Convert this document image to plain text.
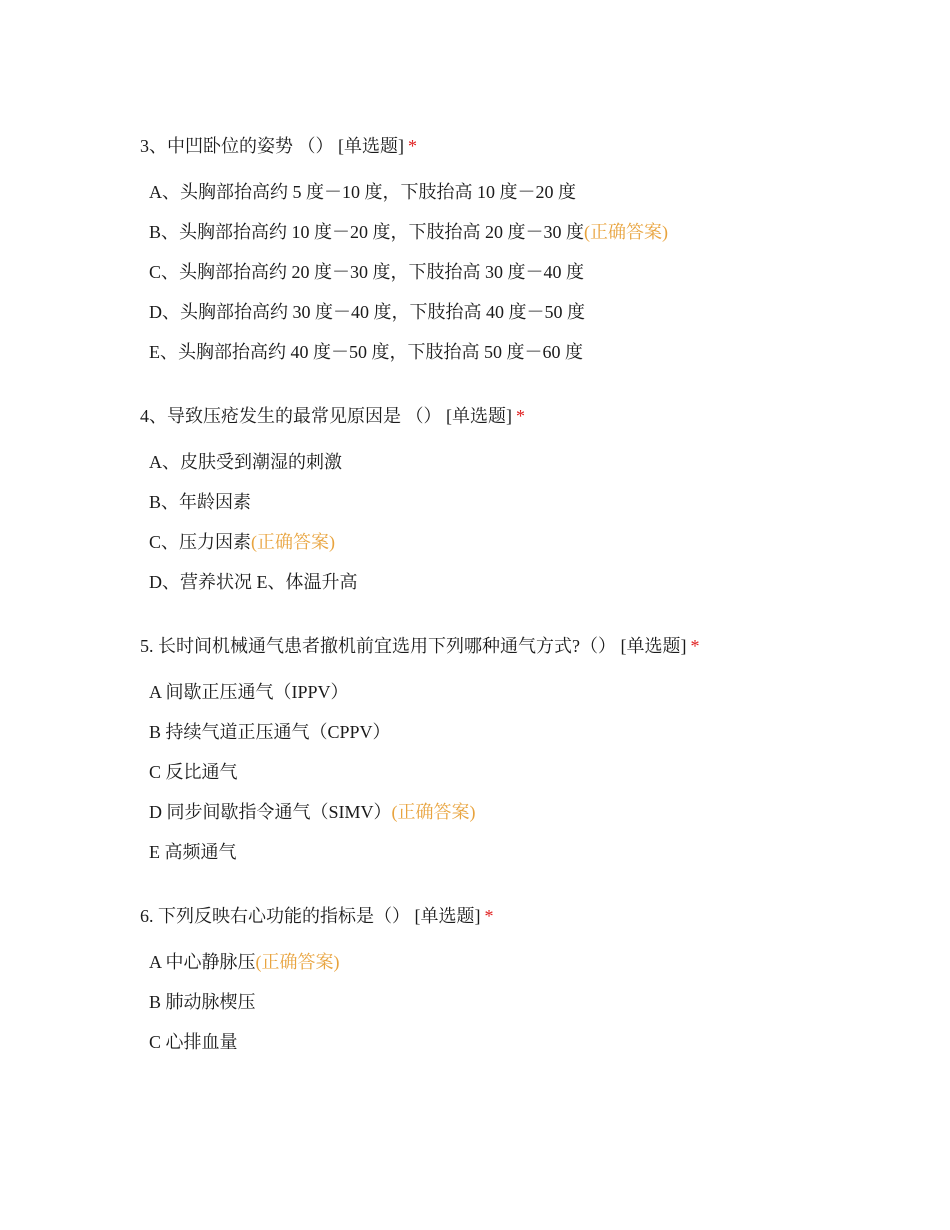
3、中凹卧位的姿势 （） [单选题] *
A、头胸部抬高约 5 度－10 度，下肢抬高 10 度－20 度
B、头胸部抬高约 10 度－20 度，下肢抬高 20 度－30 度(正确答案)
C、头胸部抬高约 20 度－30 度，下肢抬高 30 度－40 度
D、头胸部抬高约 30 度－40 度，下肢抬高 40 度－50 度
E、头胸部抬高约 40 度－50 度，下肢抬高 50 度－60 度
4、导致压疮发生的最常见原因是 （） [单选题] *
A、皮肤受到潮湿的刺激
B、年龄因素
C、压力因素(正确答案)
D、营养状况 E、体温升高
5. 长时间机械通气患者撤机前宜选用下列哪种通气方式?（） [单选题] *
A 间歇正压通气（IPPV）
B 持续气道正压通气（CPPV）
C 反比通气
D 同步间歇指令通气（SIMV）(正确答案)
E 高频通气
6. 下列反映右心功能的指标是（） [单选题] *
A 中心静脉压(正确答案)
B 肺动脉楔压
C 心排血量
